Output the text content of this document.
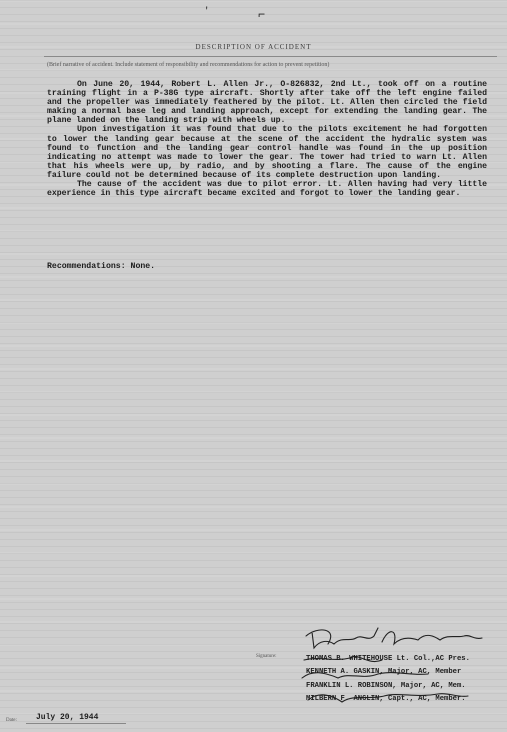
'	⌐
DESCRIPTION OF ACCIDENT
(Brief narrative of accident. Include statement of responsibility and recommendations for action to prevent repetition)

On June 20, 1944, Robert L. Allen Jr., O-826832, 2nd Lt., took off on a routine training flight in a P-38G type aircraft. Shortly after take off the left engine failed and the propeller was immediately feathered by the pilot. Lt. Allen then circled the field making a normal base leg and landing approach, except for extending the landing gear. The plane landed on the landing strip with wheels up.

Upon investigation it was found that due to the pilots excitement he had forgotten to lower the landing gear because at the scene of the accident the hydralic system was found to function and the landing gear control handle was found in the up position indicating no attempt was made to lower the gear. The tower had tried to warn Lt. Allen that his wheels were up, by radio, and by shooting a flare. The cause of the engine failure could not be determined because of its complete destruction upon landing.

The cause of the accident was due to pilot error. Lt. Allen having had very little experience in this type aircraft became excited and forgot to lower the landing gear.

Recommendations: None.
Signature:	THOMAS B. WHITEHOUSE Lt. Col.,AC Pres.
KENNETH A. GASKIN, Major, AC, Member
FRANKLIN L. ROBINSON, Major, AC, Mem.
MILBERN F. ANGLIN, Capt., AC, Member.
Date: July 20, 1944
